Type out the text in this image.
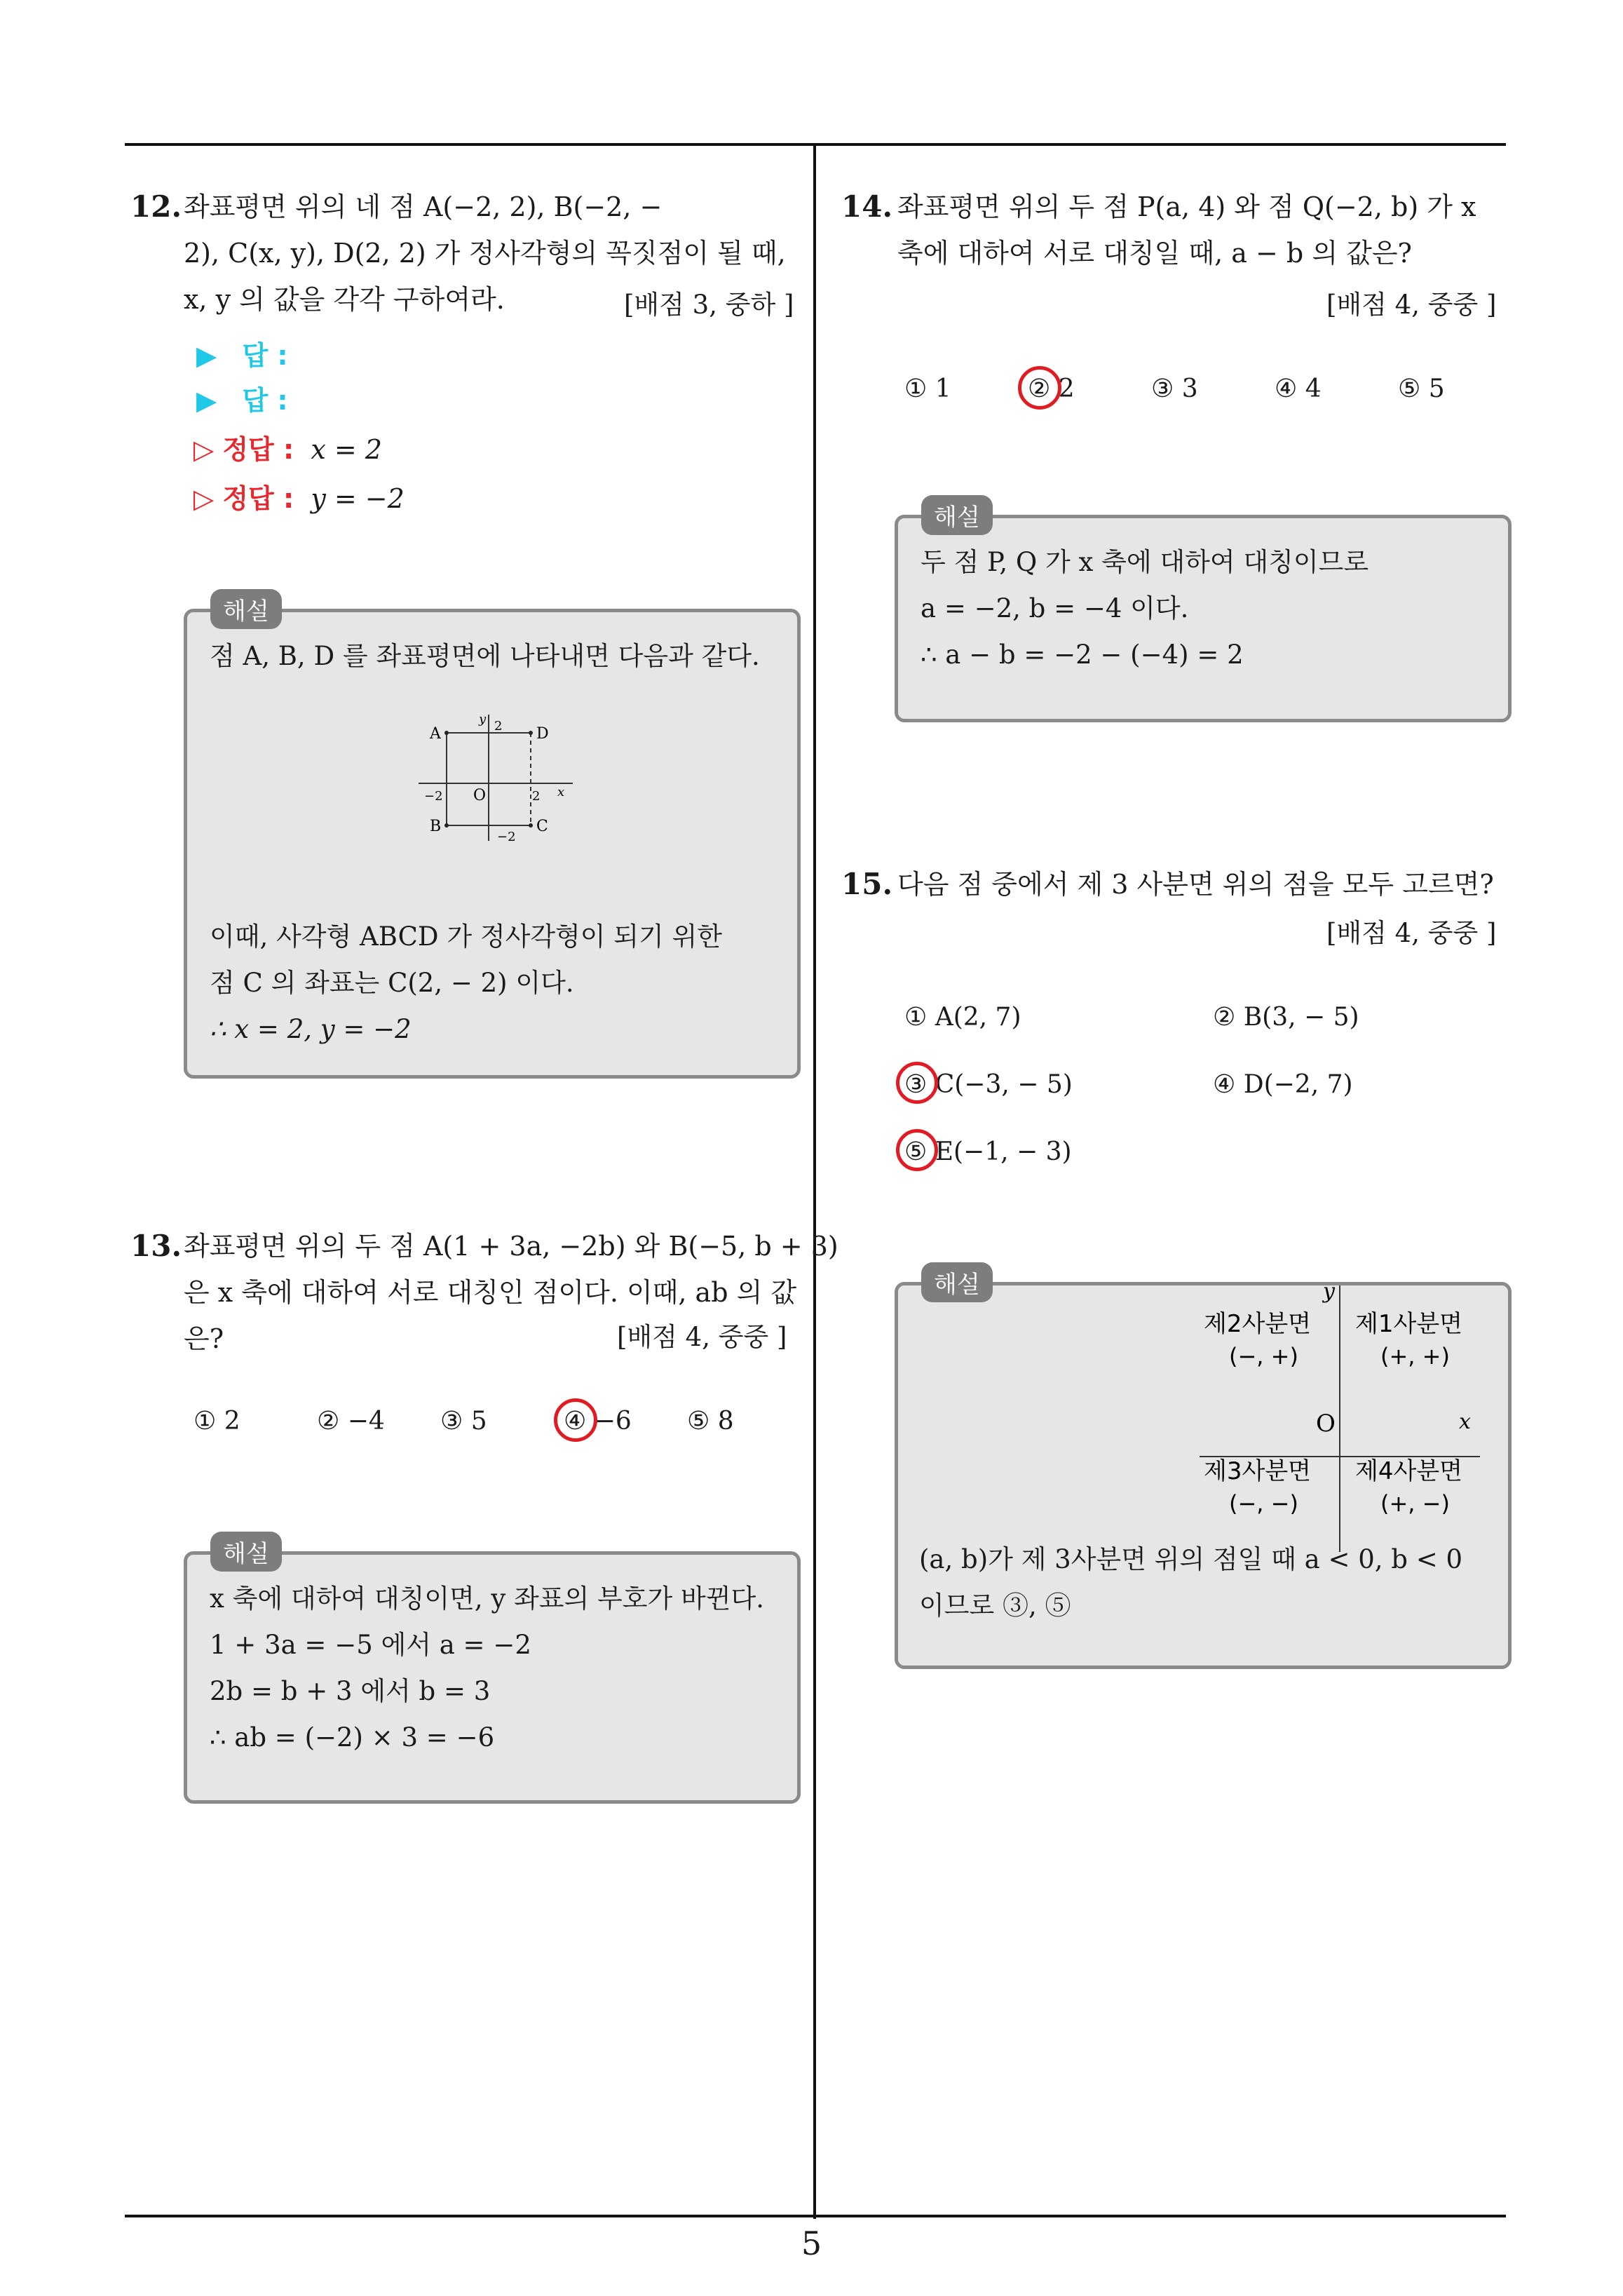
5
12. 좌표평면 위의 네 점 A(−2, 2), B(−2, −
2), C(x, y), D(2, 2) 가 정사각형의 꼭짓점이 될 때,
x, y 의 값을 각각 구하여라.	[배점 3, 중하 ]
▶ 답 :
▶ 답 :
▷ 정답 : x = 2
▷ 정답 : y = −2
점 A, B, D 를 좌표평면에 나타내면 다음과 같다.
A	D
B	C
O
y
x
2
−2	2
−2
이때, 사각형 ABCD 가 정사각형이 되기 위한
점 C 의 좌표는 C(2, − 2) 이다.
∴ x = 2, y = −2
해설
13. 좌표평면 위의 두 점 A(1 + 3a, −2b) 와 B(−5, b + 3)
은 x 축에 대하여 서로 대칭인 점이다. 이때, ab 의 값
은?	[배점 4, 중중 ]
① 2	② −4 ③ 5	④ −6 ⑤ 8
x 축에 대하여 대칭이면, y 좌표의 부호가 바뀐다.
1 + 3a = −5 에서 a = −2
2b = b + 3 에서 b = 3
∴ ab = (−2) × 3 = −6
해설
14. 좌표평면 위의 두 점 P(a, 4) 와 점 Q(−2, b) 가 x
축에 대하여 서로 대칭일 때, a − b 의 값은?
[배점 4, 중중 ]
① 1	② 2	③ 3	④ 4	⑤ 5
두 점 P, Q 가 x 축에 대하여 대칭이므로
a = −2, b = −4 이다.
∴ a − b = −2 − (−4) = 2
해설
15. 다음 점 중에서 제 3 사분면 위의 점을 모두 고르면?
[배점 4, 중중 ]
① A(2, 7)	② B(3, − 5)
③ C(−3, − 5)	④ D(−2, 7)
⑤ E(−1, − 3)
y
x
O
제2사분면
(−, +)
제1사분면
(+, +)
제3사분면
(−, −)
제4사분면
(+, −)
(a, b)가 제 3사분면 위의 점일 때 a < 0, b < 0
이므로 ③, ⑤
해설
